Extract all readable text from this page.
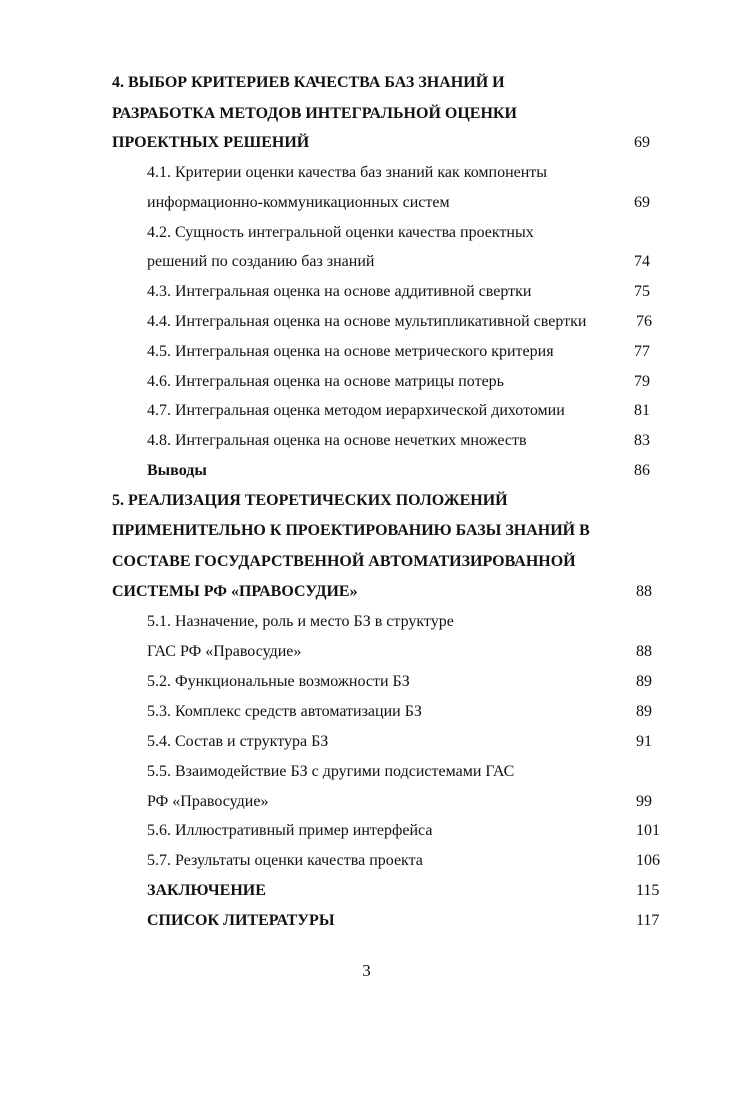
4. ВЫБОР КРИТЕРИЕВ КАЧЕСТВА БАЗ ЗНАНИЙ И
РАЗРАБОТКА МЕТОДОВ ИНТЕГРАЛЬНОЙ ОЦЕНКИ
ПРОЕКТНЫХ РЕШЕНИЙ	69
4.1. Критерии оценки качества баз знаний как компоненты
информационно-коммуникационных систем	69
4.2. Сущность интегральной оценки качества проектных
решений по созданию баз знаний	74
4.3. Интегральная оценка на основе аддитивной свертки	75
4.4. Интегральная оценка на основе мультипликативной свертки	76
4.5. Интегральная оценка на основе метрического критерия	77
4.6. Интегральная оценка на основе матрицы потерь	79
4.7. Интегральная оценка методом иерархической дихотомии	81
4.8. Интегральная оценка на основе нечетких множеств	83
Выводы	86
5. РЕАЛИЗАЦИЯ ТЕОРЕТИЧЕСКИХ ПОЛОЖЕНИЙ
ПРИМЕНИТЕЛЬНО К ПРОЕКТИРОВАНИЮ БАЗЫ ЗНАНИЙ В
СОСТАВЕ ГОСУДАРСТВЕННОЙ АВТОМАТИЗИРОВАННОЙ
СИСТЕМЫ РФ «ПРАВОСУДИЕ»	88
5.1. Назначение, роль и место БЗ в структуре
ГАС РФ «Правосудие»	88
5.2. Функциональные возможности БЗ	89
5.3. Комплекс средств автоматизации БЗ	89
5.4. Состав и структура БЗ	91
5.5. Взаимодействие БЗ с другими подсистемами ГАС
РФ «Правосудие»	99
5.6. Иллюстративный пример интерфейса	101
5.7. Результаты оценки качества проекта	106
ЗАКЛЮЧЕНИЕ	115
СПИСОК ЛИТЕРАТУРЫ	117
3
